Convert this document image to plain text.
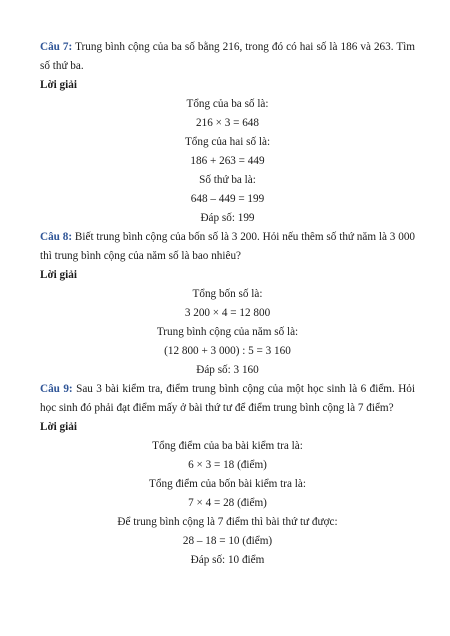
Câu 7: Trung bình cộng của ba số bằng 216, trong đó có hai số là 186 và 263. Tìm số thứ ba.
Lời giải
Tổng của ba số là:
216 × 3 = 648
Tổng của hai số là:
186 + 263 = 449
Số thứ ba là:
648 – 449 = 199
Đáp số: 199
Câu 8: Biết trung bình cộng của bốn số là 3 200. Hỏi nếu thêm số thứ năm là 3 000 thì trung bình cộng của năm số là bao nhiêu?
Lời giải
Tổng bốn số là:
3 200 × 4 = 12 800
Trung bình cộng của năm số là:
(12 800 + 3 000) : 5 = 3 160
Đáp số: 3 160
Câu 9: Sau 3 bài kiểm tra, điểm trung bình cộng của một học sinh là 6 điểm. Hỏi học sinh đó phải đạt điểm mấy ở bài thứ tư để điểm trung bình cộng là 7 điểm?
Lời giải
Tổng điểm của ba bài kiểm tra là:
6 × 3 = 18 (điểm)
Tổng điểm của bốn bài kiểm tra là:
7 × 4 = 28 (điểm)
Để trung bình cộng là 7 điểm thì bài thứ tư được:
28 – 18 = 10 (điểm)
Đáp số: 10 điểm
